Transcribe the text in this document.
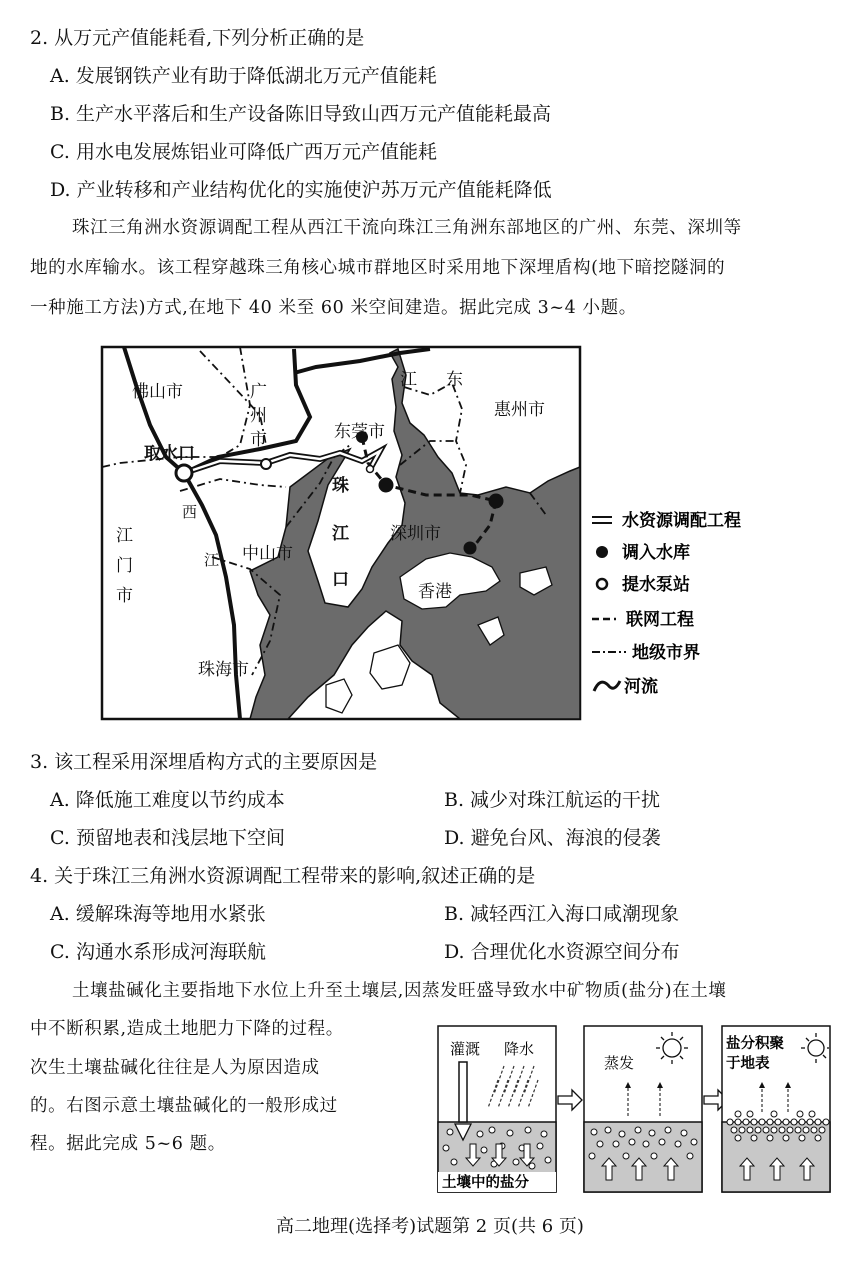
2. 从万元产值能耗看,下列分析正确的是
A. 发展钢铁产业有助于降低湖北万元产值能耗
B. 生产水平落后和生产设备陈旧导致山西万元产值能耗最高
C. 用水电发展炼铝业可降低广西万元产值能耗
D. 产业转移和产业结构优化的实施使沪苏万元产值能耗降低
珠江三角洲水资源调配工程从西江干流向珠江三角洲东部地区的广州、东莞、深圳等
地的水库输水。该工程穿越珠三角核心城市群地区时采用地下深埋盾构(地下暗挖隧洞的
一种施工方法)方式,在地下 40 米至 60 米空间建造。据此完成 3~4 小题。
佛山市	广
州
市	东莞市
江 东
惠州市
取水口
西
江
珠
江
口
深圳市
江
门
市
中山市
香港
珠海市
水资源调配工程
调入水库
提水泵站
联网工程
地级市界
河流
3. 该工程采用深埋盾构方式的主要原因是
A. 降低施工难度以节约成本	B. 减少对珠江航运的干扰
C. 预留地表和浅层地下空间	D. 避免台风、海浪的侵袭
4. 关于珠江三角洲水资源调配工程带来的影响,叙述正确的是
A. 缓解珠海等地用水紧张	B. 减轻西江入海口咸潮现象
C. 沟通水系形成河海联航	D. 合理优化水资源空间分布
土壤盐碱化主要指地下水位上升至土壤层,因蒸发旺盛导致水中矿物质(盐分)在土壤
中不断积累,造成土地肥力下降的过程。
次生土壤盐碱化往往是人为原因造成
的。右图示意土壤盐碱化的一般形成过
程。据此完成 5~6 题。
灌溉 降水
土壤中的盐分
蒸发
盐分积聚
于地表
高二地理(选择考)试题第 2 页(共 6 页)
